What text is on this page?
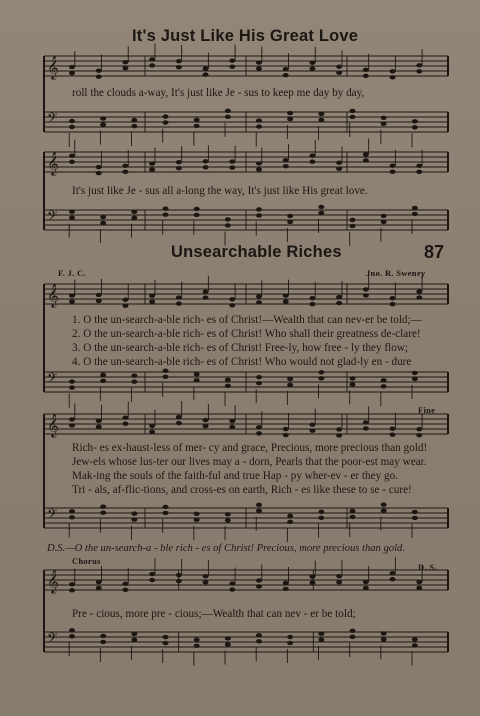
It's Just Like His Great Love
𝄞
𝄢
roll the clouds a-way, It's just like Je - sus to keep me day by day,
𝄞
𝄢
It's just like Je - sus all a-long the way, It's just like His great love.
Unsearchable Riches	87
F. J. C.	Jno. R. Sweney
𝄞
𝄢
1. O the un-search-a-ble rich- es of Christ!—Wealth that can nev-er be told;—
2. O the un-search-a-ble rich- es of Christ! Who shall their greatness de-clare!
3. O the un-search-a-ble rich- es of Christ! Free-ly, how free - ly they flow;
4. O the un-search-a-ble rich- es of Christ! Who would not glad-ly en - dure
Fine
𝄞
𝄢
Rich- es ex-haust-less of mer- cy and grace, Precious, more precious than gold!
Jew-els whose lus-ter our lives may a - dorn, Pearls that the poor-est may wear.
Mak-ing the souls of the faith-ful and true Hap - py wher-ev - er they go.
Tri - als, af-flic-tions, and cross-es on earth, Rich - es like these to se - cure!
D.S.—O the un-search-a - ble rich - es of Christ! Precious, more precious than gold.
Chorus
D. S.
𝄞
𝄢
Pre - cious, more pre - cious;—Wealth that can nev - er be told;
